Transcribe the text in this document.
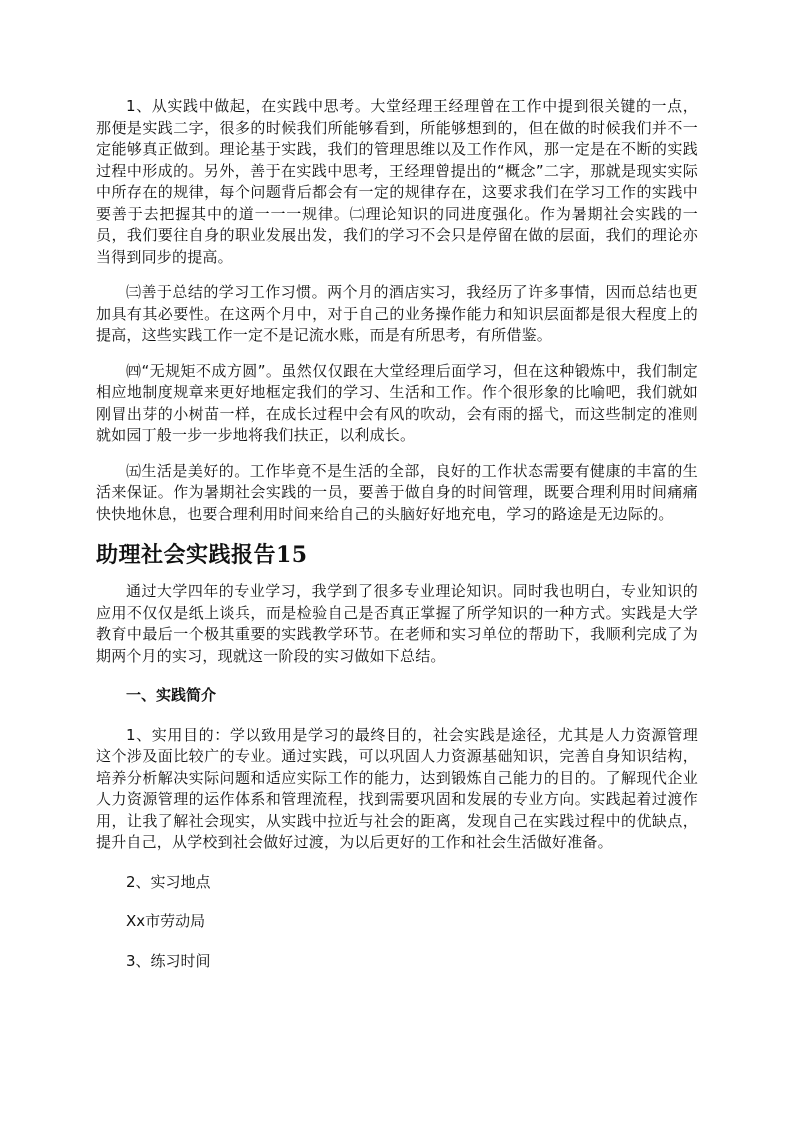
1、从实践中做起，在实践中思考。大堂经理王经理曾在工作中提到很关键的一点，那便是实践二字，很多的时候我们所能够看到，所能够想到的，但在做的时候我们并不一定能够真正做到。理论基于实践，我们的管理思维以及工作作风，那一定是在不断的实践过程中形成的。另外，善于在实践中思考，王经理曾提出的“概念”二字，那就是现实实际中所存在的规律，每个问题背后都会有一定的规律存在，这要求我们在学习工作的实践中要善于去把握其中的道一一一规律。㈡理论知识的同进度强化。作为暑期社会实践的一员，我们要往自身的职业发展出发，我们的学习不会只是停留在做的层面，我们的理论亦当得到同步的提高。

㈢善于总结的学习工作习惯。两个月的酒店实习，我经历了许多事情，因而总结也更加具有其必要性。在这两个月中，对于自己的业务操作能力和知识层面都是很大程度上的提高，这些实践工作一定不是记流水账，而是有所思考，有所借鉴。

㈣“无规矩不成方圆”。虽然仅仅跟在大堂经理后面学习，但在这种锻炼中，我们制定相应地制度规章来更好地框定我们的学习、生活和工作。作个很形象的比喻吧，我们就如刚冒出芽的小树苗一样，在成长过程中会有风的吹动，会有雨的摇弋，而这些制定的准则就如园丁般一步一步地将我们扶正，以利成长。

㈤生活是美好的。工作毕竟不是生活的全部，良好的工作状态需要有健康的丰富的生活来保证。作为暑期社会实践的一员，要善于做自身的时间管理，既要合理利用时间痛痛快快地休息，也要合理利用时间来给自己的头脑好好地充电，学习的路途是无边际的。

助理社会实践报告15

通过大学四年的专业学习，我学到了很多专业理论知识。同时我也明白，专业知识的应用不仅仅是纸上谈兵，而是检验自己是否真正掌握了所学知识的一种方式。实践是大学教育中最后一个极其重要的实践教学环节。在老师和实习单位的帮助下，我顺利完成了为期两个月的实习，现就这一阶段的实习做如下总结。

一、实践简介

1、实用目的：学以致用是学习的最终目的，社会实践是途径，尤其是人力资源管理这个涉及面比较广的专业。通过实践，可以巩固人力资源基础知识，完善自身知识结构，培养分析解决实际问题和适应实际工作的能力，达到锻炼自己能力的目的。了解现代企业人力资源管理的运作体系和管理流程，找到需要巩固和发展的专业方向。实践起着过渡作用，让我了解社会现实，从实践中拉近与社会的距离，发现自己在实践过程中的优缺点，提升自己，从学校到社会做好过渡，为以后更好的工作和社会生活做好准备。

2、实习地点

Xx市劳动局

3、练习时间
